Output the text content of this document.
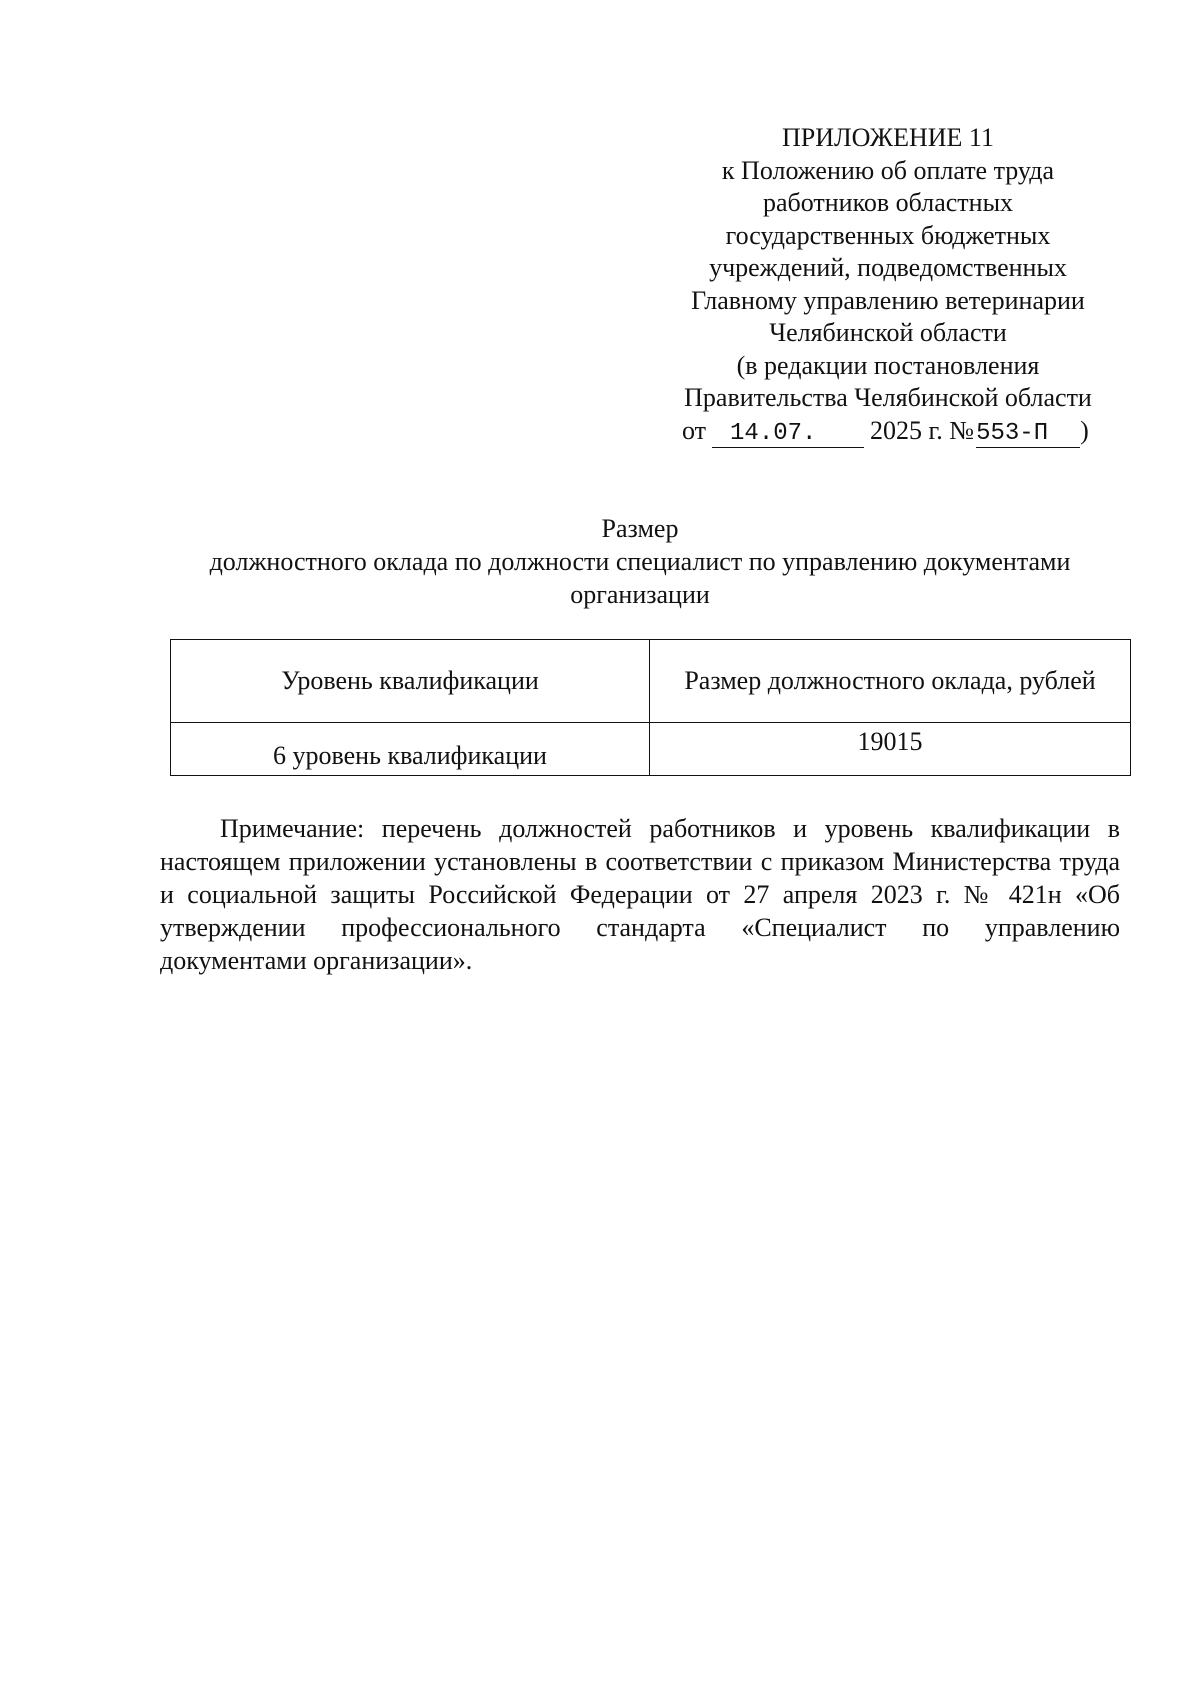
ПРИЛОЖЕНИЕ 11
к Положению об оплате труда
работников областных
государственных бюджетных
учреждений, подведомственных
Главному управлению ветеринарии
Челябинской области
(в редакции постановления
Правительства Челябинской области
от 14.07. 2025 г. №553-П )
Размер
должностного оклада по должности специалист по управлению документами
организации
Уровень квалификации	Размер должностного оклада, рублей
6 уровень квалификации	19015

Примечание: перечень должностей работников и уровень квалификации в настоящем приложении установлены в соответствии с приказом Министерства труда и социальной защиты Российской Федерации от 27 апреля 2023 г. № 421н «Об утверждении профессионального стандарта «Специалист по управлению документами организации».
